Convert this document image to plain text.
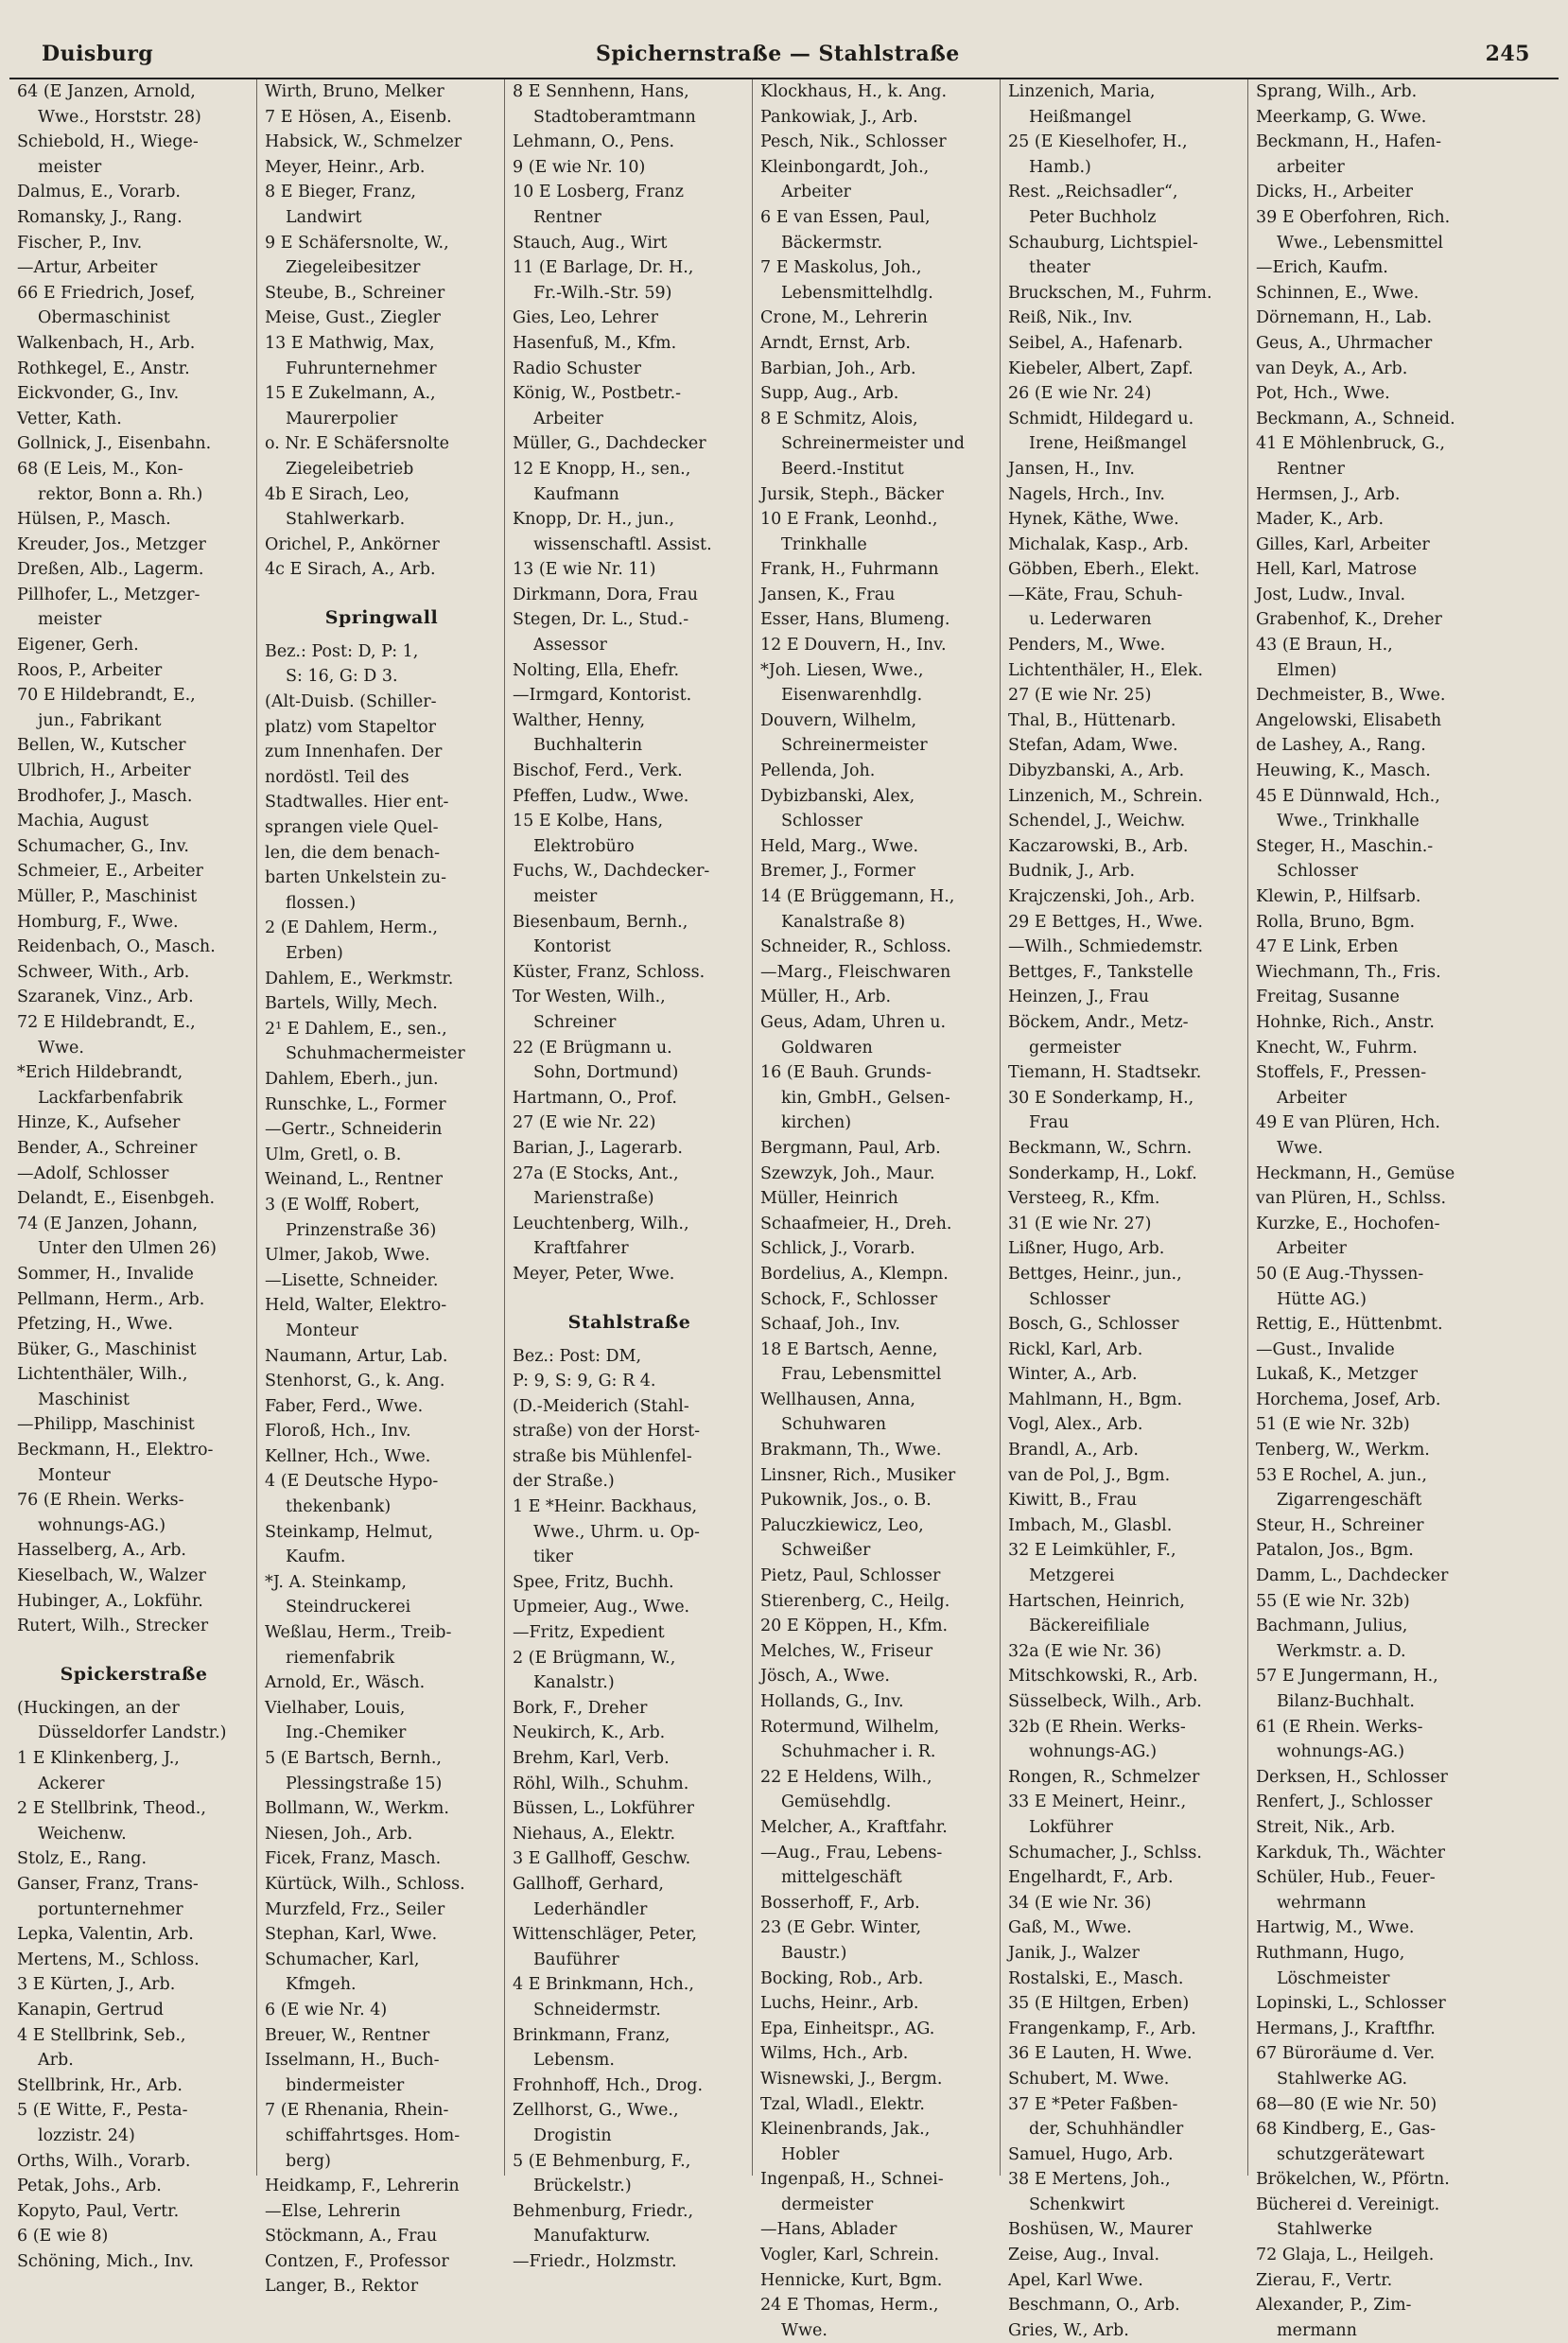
Duisburg	Spichernstraße — Stahlstraße	245
64 (E Janzen, Arnold,
Wwe., Horststr. 28)
Schiebold, H., Wiege-
meister
Dalmus, E., Vorarb.
Romansky, J., Rang.
Fischer, P., Inv.
—Artur, Arbeiter
66 E Friedrich, Josef,
Obermaschinist
Walkenbach, H., Arb.
Rothkegel, E., Anstr.
Eickvonder, G., Inv.
Vetter, Kath.
Gollnick, J., Eisenbahn.
68 (E Leis, M., Kon-
rektor, Bonn a. Rh.)
Hülsen, P., Masch.
Kreuder, Jos., Metzger
Dreßen, Alb., Lagerm.
Pillhofer, L., Metzger-
meister
Eigener, Gerh.
Roos, P., Arbeiter
70 E Hildebrandt, E.,
jun., Fabrikant
Bellen, W., Kutscher
Ulbrich, H., Arbeiter
Brodhofer, J., Masch.
Machia, August
Schumacher, G., Inv.
Schmeier, E., Arbeiter
Müller, P., Maschinist
Homburg, F., Wwe.
Reidenbach, O., Masch.
Schweer, With., Arb.
Szaranek, Vinz., Arb.
72 E Hildebrandt, E.,
Wwe.
*Erich Hildebrandt,
Lackfarbenfabrik
Hinze, K., Aufseher
Bender, A., Schreiner
—Adolf, Schlosser
Delandt, E., Eisenbgeh.
74 (E Janzen, Johann,
Unter den Ulmen 26)
Sommer, H., Invalide
Pellmann, Herm., Arb.
Pfetzing, H., Wwe.
Büker, G., Maschinist
Lichtenthäler, Wilh.,
Maschinist
—Philipp, Maschinist
Beckmann, H., Elektro-
Monteur
76 (E Rhein. Werks-
wohnungs-AG.)
Hasselberg, A., Arb.
Kieselbach, W., Walzer
Hubinger, A., Lokführ.
Rutert, Wilh., Strecker
Spickerstraße
(Huckingen, an der
Düsseldorfer Landstr.)
1 E Klinkenberg, J.,
Ackerer
2 E Stellbrink, Theod.,
Weichenw.
Stolz, E., Rang.
Ganser, Franz, Trans-
portunternehmer
Lepka, Valentin, Arb.
Mertens, M., Schloss.
3 E Kürten, J., Arb.
Kanapin, Gertrud
4 E Stellbrink, Seb.,
Arb.
Stellbrink, Hr., Arb.
5 (E Witte, F., Pesta-
lozzistr. 24)
Orths, Wilh., Vorarb.
Petak, Johs., Arb.
Kopyto, Paul, Vertr.
6 (E wie 8)
Schöning, Mich., Inv.
Wirth, Bruno, Melker
7 E Hösen, A., Eisenb.
Habsick, W., Schmelzer
Meyer, Heinr., Arb.
8 E Bieger, Franz,
Landwirt
9 E Schäfersnolte, W.,
Ziegeleibesitzer
Steube, B., Schreiner
Meise, Gust., Ziegler
13 E Mathwig, Max,
Fuhrunternehmer
15 E Zukelmann, A.,
Maurerpolier
o. Nr. E Schäfersnolte
Ziegeleibetrieb
4b E Sirach, Leo,
Stahlwerkarb.
Orichel, P., Ankörner
4c E Sirach, A., Arb.
Springwall
Bez.: Post: D, P: 1,
S: 16, G: D 3.
(Alt-Duisb. (Schiller-
platz) vom Stapeltor
zum Innenhafen. Der
nordöstl. Teil des
Stadtwalles. Hier ent-
sprangen viele Quel-
len, die dem benach-
barten Unkelstein zu-
flossen.)
2 (E Dahlem, Herm.,
Erben)
Dahlem, E., Werkmstr.
Bartels, Willy, Mech.
2¹ E Dahlem, E., sen.,
Schuhmachermeister
Dahlem, Eberh., jun.
Runschke, L., Former
—Gertr., Schneiderin
Ulm, Gretl, o. B.
Weinand, L., Rentner
3 (E Wolff, Robert,
Prinzenstraße 36)
Ulmer, Jakob, Wwe.
—Lisette, Schneider.
Held, Walter, Elektro-
Monteur
Naumann, Artur, Lab.
Stenhorst, G., k. Ang.
Faber, Ferd., Wwe.
Floroß, Hch., Inv.
Kellner, Hch., Wwe.
4 (E Deutsche Hypo-
thekenbank)
Steinkamp, Helmut,
Kaufm.
*J. A. Steinkamp,
Steindruckerei
Weßlau, Herm., Treib-
riemenfabrik
Arnold, Er., Wäsch.
Vielhaber, Louis,
Ing.-Chemiker
5 (E Bartsch, Bernh.,
Plessingstraße 15)
Bollmann, W., Werkm.
Niesen, Joh., Arb.
Ficek, Franz, Masch.
Kürtück, Wilh., Schloss.
Murzfeld, Frz., Seiler
Stephan, Karl, Wwe.
Schumacher, Karl,
Kfmgeh.
6 (E wie Nr. 4)
Breuer, W., Rentner
Isselmann, H., Buch-
bindermeister
7 (E Rhenania, Rhein-
schiffahrtsges. Hom-
berg)
Heidkamp, F., Lehrerin
—Else, Lehrerin
Stöckmann, A., Frau
Contzen, F., Professor
Langer, B., Rektor
8 E Sennhenn, Hans,
Stadtoberamtmann
Lehmann, O., Pens.
9 (E wie Nr. 10)
10 E Losberg, Franz
Rentner
Stauch, Aug., Wirt
11 (E Barlage, Dr. H.,
Fr.-Wilh.-Str. 59)
Gies, Leo, Lehrer
Hasenfuß, M., Kfm.
Radio Schuster
König, W., Postbetr.-
Arbeiter
Müller, G., Dachdecker
12 E Knopp, H., sen.,
Kaufmann
Knopp, Dr. H., jun.,
wissenschaftl. Assist.
13 (E wie Nr. 11)
Dirkmann, Dora, Frau
Stegen, Dr. L., Stud.-
Assessor
Nolting, Ella, Ehefr.
—Irmgard, Kontorist.
Walther, Henny,
Buchhalterin
Bischof, Ferd., Verk.
Pfeffen, Ludw., Wwe.
15 E Kolbe, Hans,
Elektrobüro
Fuchs, W., Dachdecker-
meister
Biesenbaum, Bernh.,
Kontorist
Küster, Franz, Schloss.
Tor Westen, Wilh.,
Schreiner
22 (E Brügmann u.
Sohn, Dortmund)
Hartmann, O., Prof.
27 (E wie Nr. 22)
Barian, J., Lagerarb.
27a (E Stocks, Ant.,
Marienstraße)
Leuchtenberg, Wilh.,
Kraftfahrer
Meyer, Peter, Wwe.
Stahlstraße
Bez.: Post: DM,
P: 9, S: 9, G: R 4.
(D.-Meiderich (Stahl-
straße) von der Horst-
straße bis Mühlenfel-
der Straße.)
1 E *Heinr. Backhaus,
Wwe., Uhrm. u. Op-
tiker
Spee, Fritz, Buchh.
Upmeier, Aug., Wwe.
—Fritz, Expedient
2 (E Brügmann, W.,
Kanalstr.)
Bork, F., Dreher
Neukirch, K., Arb.
Brehm, Karl, Verb.
Röhl, Wilh., Schuhm.
Büssen, L., Lokführer
Niehaus, A., Elektr.
3 E Gallhoff, Geschw.
Gallhoff, Gerhard,
Lederhändler
Wittenschläger, Peter,
Bauführer
4 E Brinkmann, Hch.,
Schneidermstr.
Brinkmann, Franz,
Lebensm.
Frohnhoff, Hch., Drog.
Zellhorst, G., Wwe.,
Drogistin
5 (E Behmenburg, F.,
Brückelstr.)
Behmenburg, Friedr.,
Manufakturw.
—Friedr., Holzmstr.
Klockhaus, H., k. Ang.
Pankowiak, J., Arb.
Pesch, Nik., Schlosser
Kleinbongardt, Joh.,
Arbeiter
6 E van Essen, Paul,
Bäckermstr.
7 E Maskolus, Joh.,
Lebensmittelhdlg.
Crone, M., Lehrerin
Arndt, Ernst, Arb.
Barbian, Joh., Arb.
Supp, Aug., Arb.
8 E Schmitz, Alois,
Schreinermeister und
Beerd.-Institut
Jursik, Steph., Bäcker
10 E Frank, Leonhd.,
Trinkhalle
Frank, H., Fuhrmann
Jansen, K., Frau
Esser, Hans, Blumeng.
12 E Douvern, H., Inv.
*Joh. Liesen, Wwe.,
Eisenwarenhdlg.
Douvern, Wilhelm,
Schreinermeister
Pellenda, Joh.
Dybizbanski, Alex,
Schlosser
Held, Marg., Wwe.
Bremer, J., Former
14 (E Brüggemann, H.,
Kanalstraße 8)
Schneider, R., Schloss.
—Marg., Fleischwaren
Müller, H., Arb.
Geus, Adam, Uhren u.
Goldwaren
16 (E Bauh. Grunds-
kin, GmbH., Gelsen-
kirchen)
Bergmann, Paul, Arb.
Szewzyk, Joh., Maur.
Müller, Heinrich
Schaafmeier, H., Dreh.
Schlick, J., Vorarb.
Bordelius, A., Klempn.
Schock, F., Schlosser
Schaaf, Joh., Inv.
18 E Bartsch, Aenne,
Frau, Lebensmittel
Wellhausen, Anna,
Schuhwaren
Brakmann, Th., Wwe.
Linsner, Rich., Musiker
Pukownik, Jos., o. B.
Paluczkiewicz, Leo,
Schweißer
Pietz, Paul, Schlosser
Stierenberg, C., Heilg.
20 E Köppen, H., Kfm.
Melches, W., Friseur
Jösch, A., Wwe.
Hollands, G., Inv.
Rotermund, Wilhelm,
Schuhmacher i. R.
22 E Heldens, Wilh.,
Gemüsehdlg.
Melcher, A., Kraftfahr.
—Aug., Frau, Lebens-
mittelgeschäft
Bosserhoff, F., Arb.
23 (E Gebr. Winter,
Baustr.)
Bocking, Rob., Arb.
Luchs, Heinr., Arb.
Epa, Einheitspr., AG.
Wilms, Hch., Arb.
Wisnewski, J., Bergm.
Tzal, Wladl., Elektr.
Kleinenbrands, Jak.,
Hobler
Ingenpaß, H., Schnei-
dermeister
—Hans, Ablader
Vogler, Karl, Schrein.
Hennicke, Kurt, Bgm.
24 E Thomas, Herm.,
Wwe.
Linzenich, Maria,
Heißmangel
25 (E Kieselhofer, H.,
Hamb.)
Rest. „Reichsadler“,
Peter Buchholz
Schauburg, Lichtspiel-
theater
Bruckschen, M., Fuhrm.
Reiß, Nik., Inv.
Seibel, A., Hafenarb.
Kiebeler, Albert, Zapf.
26 (E wie Nr. 24)
Schmidt, Hildegard u.
Irene, Heißmangel
Jansen, H., Inv.
Nagels, Hrch., Inv.
Hynek, Käthe, Wwe.
Michalak, Kasp., Arb.
Göbben, Eberh., Elekt.
—Käte, Frau, Schuh-
u. Lederwaren
Penders, M., Wwe.
Lichtenthäler, H., Elek.
27 (E wie Nr. 25)
Thal, B., Hüttenarb.
Stefan, Adam, Wwe.
Dibyzbanski, A., Arb.
Linzenich, M., Schrein.
Schendel, J., Weichw.
Kaczarowski, B., Arb.
Budnik, J., Arb.
Krajczenski, Joh., Arb.
29 E Bettges, H., Wwe.
—Wilh., Schmiedemstr.
Bettges, F., Tankstelle
Heinzen, J., Frau
Böckem, Andr., Metz-
germeister
Tiemann, H. Stadtsekr.
30 E Sonderkamp, H.,
Frau
Beckmann, W., Schrn.
Sonderkamp, H., Lokf.
Versteeg, R., Kfm.
31 (E wie Nr. 27)
Lißner, Hugo, Arb.
Bettges, Heinr., jun.,
Schlosser
Bosch, G., Schlosser
Rickl, Karl, Arb.
Winter, A., Arb.
Mahlmann, H., Bgm.
Vogl, Alex., Arb.
Brandl, A., Arb.
van de Pol, J., Bgm.
Kiwitt, B., Frau
Imbach, M., Glasbl.
32 E Leimkühler, F.,
Metzgerei
Hartschen, Heinrich,
Bäckereifiliale
32a (E wie Nr. 36)
Mitschkowski, R., Arb.
Süsselbeck, Wilh., Arb.
32b (E Rhein. Werks-
wohnungs-AG.)
Rongen, R., Schmelzer
33 E Meinert, Heinr.,
Lokführer
Schumacher, J., Schlss.
Engelhardt, F., Arb.
34 (E wie Nr. 36)
Gaß, M., Wwe.
Janik, J., Walzer
Rostalski, E., Masch.
35 (E Hiltgen, Erben)
Frangenkamp, F., Arb.
36 E Lauten, H. Wwe.
Schubert, M. Wwe.
37 E *Peter Faßben-
der, Schuhhändler
Samuel, Hugo, Arb.
38 E Mertens, Joh.,
Schenkwirt
Boshüsen, W., Maurer
Zeise, Aug., Inval.
Apel, Karl Wwe.
Beschmann, O., Arb.
Gries, W., Arb.
Sprang, Wilh., Arb.
Meerkamp, G. Wwe.
Beckmann, H., Hafen-
arbeiter
Dicks, H., Arbeiter
39 E Oberfohren, Rich.
Wwe., Lebensmittel
—Erich, Kaufm.
Schinnen, E., Wwe.
Dörnemann, H., Lab.
Geus, A., Uhrmacher
van Deyk, A., Arb.
Pot, Hch., Wwe.
Beckmann, A., Schneid.
41 E Möhlenbruck, G.,
Rentner
Hermsen, J., Arb.
Mader, K., Arb.
Gilles, Karl, Arbeiter
Hell, Karl, Matrose
Jost, Ludw., Inval.
Grabenhof, K., Dreher
43 (E Braun, H.,
Elmen)
Dechmeister, B., Wwe.
Angelowski, Elisabeth
de Lashey, A., Rang.
Heuwing, K., Masch.
45 E Dünnwald, Hch.,
Wwe., Trinkhalle
Steger, H., Maschin.-
Schlosser
Klewin, P., Hilfsarb.
Rolla, Bruno, Bgm.
47 E Link, Erben
Wiechmann, Th., Fris.
Freitag, Susanne
Hohnke, Rich., Anstr.
Knecht, W., Fuhrm.
Stoffels, F., Pressen-
Arbeiter
49 E van Plüren, Hch.
Wwe.
Heckmann, H., Gemüse
van Plüren, H., Schlss.
Kurzke, E., Hochofen-
Arbeiter
50 (E Aug.-Thyssen-
Hütte AG.)
Rettig, E., Hüttenbmt.
—Gust., Invalide
Lukaß, K., Metzger
Horchema, Josef, Arb.
51 (E wie Nr. 32b)
Tenberg, W., Werkm.
53 E Rochel, A. jun.,
Zigarrengeschäft
Steur, H., Schreiner
Patalon, Jos., Bgm.
Damm, L., Dachdecker
55 (E wie Nr. 32b)
Bachmann, Julius,
Werkmstr. a. D.
57 E Jungermann, H.,
Bilanz-Buchhalt.
61 (E Rhein. Werks-
wohnungs-AG.)
Derksen, H., Schlosser
Renfert, J., Schlosser
Streit, Nik., Arb.
Karkduk, Th., Wächter
Schüler, Hub., Feuer-
wehrmann
Hartwig, M., Wwe.
Ruthmann, Hugo,
Löschmeister
Lopinski, L., Schlosser
Hermans, J., Kraftfhr.
67 Büroräume d. Ver.
Stahlwerke AG.
68—80 (E wie Nr. 50)
68 Kindberg, E., Gas-
schutzgerätewart
Brökelchen, W., Pförtn.
Bücherei d. Vereinigt.
Stahlwerke
72 Glaja, L., Heilgeh.
Zierau, F., Vertr.
Alexander, P., Zim-
mermann
